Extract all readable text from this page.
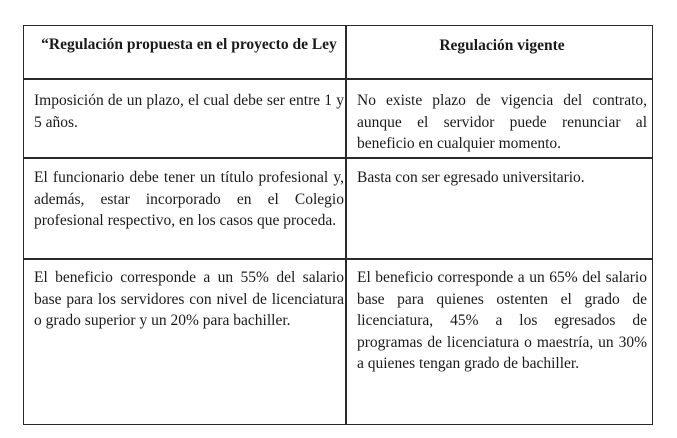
“Regulación propuesta en el proyecto de Ley	Regulación vigente
Imposición de un plazo, el cual debe ser entre 1 y 5 años.
No existe plazo de vigencia del contrato, aunque el servidor puede renunciar al beneficio en cualquier momento.
El funcionario debe tener un título profesional y, además, estar incorporado en el Colegio profesional respectivo, en los casos que proceda.
Basta con ser egresado universitario.
El beneficio corresponde a un 55% del salario base para los servidores con nivel de licenciatura o grado superior y un 20% para bachiller.
El beneficio corresponde a un 65% del salario base para quienes ostenten el grado de licenciatura, 45% a los egresados de programas de licenciatura o maestría, un 30% a quienes tengan grado de bachiller.
